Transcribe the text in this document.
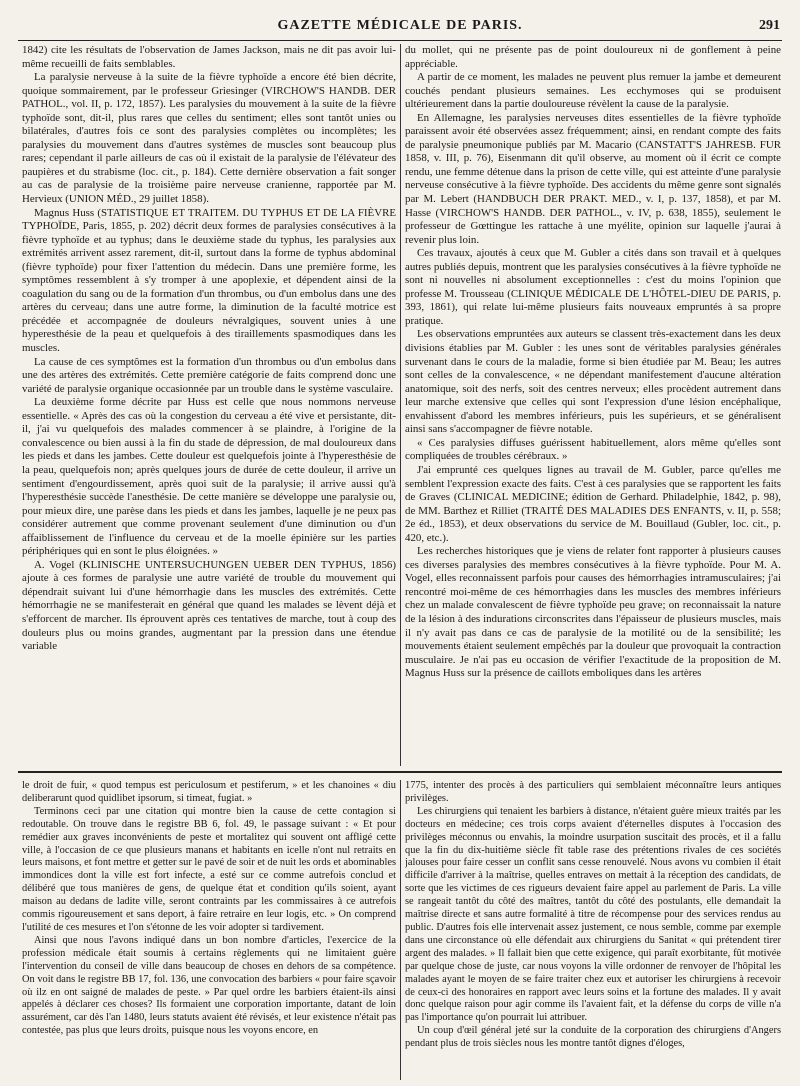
GAZETTE MÉDICALE DE PARIS.	291

1842) cite les résultats de l'observation de James Jackson, mais ne dit pas avoir lui-même recueilli de faits semblables.

La paralysie nerveuse à la suite de la fièvre typhoïde a encore été bien décrite, quoique sommairement, par le professeur Griesinger (VIRCHOW'S HANDB. DER PATHOL., vol. II, p. 172, 1857). Les paralysies du mouvement à la suite de la fièvre typhoïde sont, dit-il, plus rares que celles du sentiment; elles sont tantôt unies ou bilatérales, d'autres fois ce sont des paralysies complètes ou incomplètes; les paralysies du mouvement dans d'autres systèmes de muscles sont beaucoup plus rares; cependant il parle ailleurs de cas où il existait de la paralysie de l'élévateur des paupières et du strabisme (loc. cit., p. 184). Cette dernière observation a fait songer au cas de paralysie de la troisième paire nerveuse cranienne, rapportée par M. Hervieux (UNION MÉD., 29 juillet 1858).

Magnus Huss (STATISTIQUE ET TRAITEM. DU TYPHUS ET DE LA FIÈVRE TYPHOÏDE, Paris, 1855, p. 202) décrit deux formes de paralysies consécutives à la fièvre typhoïde et au typhus; dans le deuxième stade du typhus, les paralysies aux extrémités arrivent assez rarement, dit-il, surtout dans la forme de typhus abdominal (fièvre typhoïde) pour fixer l'attention du médecin. Dans une première forme, les symptômes ressemblent à s'y tromper à une apoplexie, et dépendent ainsi de la coagulation du sang ou de la formation d'un thrombus, ou d'un embolus dans une des artères du cerveau; dans une autre forme, la diminution de la faculté motrice est précédée et accompagnée de douleurs névralgiques, souvent unies à une hyperesthésie de la peau et quelquefois à des tiraillements spasmodiques dans les muscles.

La cause de ces symptômes est la formation d'un thrombus ou d'un embolus dans une des artères des extrémités. Cette première catégorie de faits comprend donc une variété de paralysie organique occasionnée par un trouble dans le système vasculaire.

La deuxième forme décrite par Huss est celle que nous nommons nerveuse essentielle. « Après des cas où la congestion du cerveau a été vive et persistante, dit-il, j'ai vu quelquefois des malades commencer à se plaindre, à l'origine de la convalescence ou bien aussi à la fin du stade de dépression, de mal douloureux dans les pieds et dans les jambes. Cette douleur est quelquefois jointe à l'hyperesthésie de la peau, quelquefois non; après quelques jours de durée de cette douleur, il arrive un sentiment d'engourdissement, après quoi suit de la paralysie; il arrive aussi qu'à l'hyperesthésie succède l'anesthésie. De cette manière se développe une paralysie ou, pour mieux dire, une parèse dans les pieds et dans les jambes, laquelle je ne peux pas considérer autrement que comme provenant seulement d'une diminution ou d'un affaiblissement de l'influence du cerveau et de la moelle épinière sur les parties périphériques qui en sont le plus éloignées. »

A. Vogel (KLINISCHE UNTERSUCHUNGEN UEBER DEN TYPHUS, 1856) ajoute à ces formes de paralysie une autre variété de trouble du mouvement qui dépendrait suivant lui d'une hémorrhagie dans les muscles des extrémités. Cette hémorrhagie ne se manifesterait en général que quand les malades se lèvent déjà et s'efforcent de marcher. Ils éprouvent après ces tentatives de marche, tout à coup des douleurs plus ou moins grandes, augmentant par la pression dans une étendue variable

du mollet, qui ne présente pas de point douloureux ni de gonflement à peine appréciable.

A partir de ce moment, les malades ne peuvent plus remuer la jambe et demeurent couchés pendant plusieurs semaines. Les ecchymoses qui se produisent ultérieurement dans la partie douloureuse révèlent la cause de la paralysie.

En Allemagne, les paralysies nerveuses dites essentielles de la fièvre typhoïde paraissent avoir été observées assez fréquemment; ainsi, en rendant compte des faits de paralysie pneumonique publiés par M. Macario (CANSTATT'S JAHRESB. FUR 1858, v. III, p. 76), Eisenmann dit qu'il observe, au moment où il écrit ce compte rendu, une femme détenue dans la prison de cette ville, qui est atteinte d'une paralysie nerveuse consécutive à la fièvre typhoïde. Des accidents du même genre sont signalés par M. Lebert (HANDBUCH DER PRAKT. MED., v. I, p. 137, 1858), et par M. Hasse (VIRCHOW'S HANDB. DER PATHOL., v. IV, p. 638, 1855), seulement le professeur de Gœttingue les rattache à une myélite, opinion sur laquelle j'aurai à revenir plus loin.

Ces travaux, ajoutés à ceux que M. Gubler a cités dans son travail et à quelques autres publiés depuis, montrent que les paralysies consécutives à la fièvre typhoïde ne sont ni nouvelles ni absolument exceptionnelles : c'est du moins l'opinion que professe M. Trousseau (CLINIQUE MÉDICALE DE L'HÔTEL-DIEU DE PARIS, p. 393, 1861), qui relate lui-même plusieurs faits nouveaux empruntés à sa propre pratique.

Les observations empruntées aux auteurs se classent très-exactement dans les deux divisions établies par M. Gubler : les unes sont de véritables paralysies générales survenant dans le cours de la maladie, forme si bien étudiée par M. Beau; les autres sont celles de la convalescence, « ne dépendant manifestement d'aucune altération anatomique, soit des nerfs, soit des centres nerveux; elles procèdent autrement dans leur marche extensive que celles qui sont l'expression d'une lésion encéphalique, envahissent d'abord les membres inférieurs, puis les supérieurs, et se généralisent ainsi sans s'accompagner de fièvre notable.

« Ces paralysies diffuses guérissent habituellement, alors même qu'elles sont compliquées de troubles cérébraux. »

J'ai emprunté ces quelques lignes au travail de M. Gubler, parce qu'elles me semblent l'expression exacte des faits. C'est à ces paralysies que se rapportent les faits de Graves (CLINICAL MEDICINE; édition de Gerhard. Philadelphie, 1842, p. 98), de MM. Barthez et Rilliet (TRAITÉ DES MALADIES DES ENFANTS, v. II, p. 558; 2e éd., 1853), et deux observations du service de M. Bouillaud (Gubler, loc. cit., p. 420, etc.).

Les recherches historiques que je viens de relater font rapporter à plusieurs causes ces diverses paralysies des membres consécutives à la fièvre typhoïde. Pour M. A. Vogel, elles reconnaissent parfois pour causes des hémorrhagies intramusculaires; j'ai rencontré moi-même de ces hémorrhagies dans les muscles des membres inférieurs chez un malade convalescent de fièvre typhoïde peu grave; on reconnaissait la nature de la lésion à des indurations circonscrites dans l'épaisseur de plusieurs muscles, mais il n'y avait pas dans ce cas de paralysie de la motilité ou de la sensibilité; les mouvements étaient seulement empêchés par la douleur que provoquait la contraction musculaire. Je n'ai pas eu occasion de vérifier l'exactitude de la proposition de M. Magnus Huss sur la présence de caillots emboliques dans les artères

le droit de fuir, « quod tempus est periculosum et pestiferum, » et les chanoines « diu deliberarunt quod quidlibet ipsorum, si timeat, fugiat. »

Terminons ceci par une citation qui montre bien la cause de cette contagion si redoutable. On trouve dans le registre BB 6, fol. 49, le passage suivant : « Et pour remédier aux graves inconvénients de peste et mortalitez qui souvent ont affligé cette ville, à l'occasion de ce que plusieurs manans et habitants en icelle n'ont nul retraits en leurs maisons, et font mettre et getter sur le pavé de soir et de nuit les ords et abominables immondices dont la ville est fort infecte, a esté sur ce comme autrefois conclud et délibéré que tous manières de gens, de quelque état et condition qu'ils soient, ayant maison au dedans de ladite ville, seront contraints par les commissaires à ce autrefois commis rigoureusement et sans deport, à faire retraire en leur logis, etc. » On comprend l'utilité de ces mesures et l'on s'étonne de les voir adopter si tardivement.

Ainsi que nous l'avons indiqué dans un bon nombre d'articles, l'exercice de la profession médicale était soumis à certains règlements qui ne limitaient guère l'intervention du conseil de ville dans beaucoup de choses en dehors de sa compétence. On voit dans le registre BB 17, fol. 136, une convocation des barbiers « pour faire sçavoir où ilz en ont saigné de malades de peste. » Par quel ordre les barbiers étaient-ils ainsi appelés à déclarer ces choses? Ils formaient une corporation importante, datant de loin assurément, car dès l'an 1480, leurs statuts avaient été révisés, et leur existence n'était pas contestée, pas plus que leurs droits, puisque nous les voyons encore, en

1775, intenter des procès à des particuliers qui semblaient méconnaître leurs antiques privilèges.

Les chirurgiens qui tenaient les barbiers à distance, n'étaient guère mieux traités par les docteurs en médecine; ces trois corps avaient d'éternelles disputes à l'occasion des privilèges méconnus ou envahis, la moindre usurpation suscitait des procès, et il a fallu que la fin du dix-huitième siècle fît table rase des prétentions rivales de ces sociétés jalouses pour faire cesser un conflit sans cesse renouvelé. Nous avons vu combien il était difficile d'arriver à la maîtrise, quelles entraves on mettait à la réception des candidats, de sorte que les victimes de ces rigueurs devaient faire appel au parlement de Paris. La ville se rangeait tantôt du côté des maîtres, tantôt du côté des postulants, elle demandait la maîtrise directe et sans autre formalité à titre de récompense pour des services rendus au public. D'autres fois elle intervenait assez justement, ce nous semble, comme par exemple dans une circonstance où elle défendait aux chirurgiens du Sanitat « qui prétendent tirer argent des malades. » Il fallait bien que cette exigence, qui paraît exorbitante, fût motivée par quelque chose de juste, car nous voyons la ville ordonner de renvoyer de l'hôpital les malades ayant le moyen de se faire traiter chez eux et autoriser les chirurgiens à recevoir de ceux-ci des honoraires en rapport avec leurs soins et la fortune des malades. Il y avait donc quelque raison pour agir comme ils l'avaient fait, et la défense du corps de ville n'a pas l'importance qu'on pourrait lui attribuer.

Un coup d'œil général jeté sur la conduite de la corporation des chirurgiens d'Angers pendant plus de trois siècles nous les montre tantôt dignes d'éloges,
